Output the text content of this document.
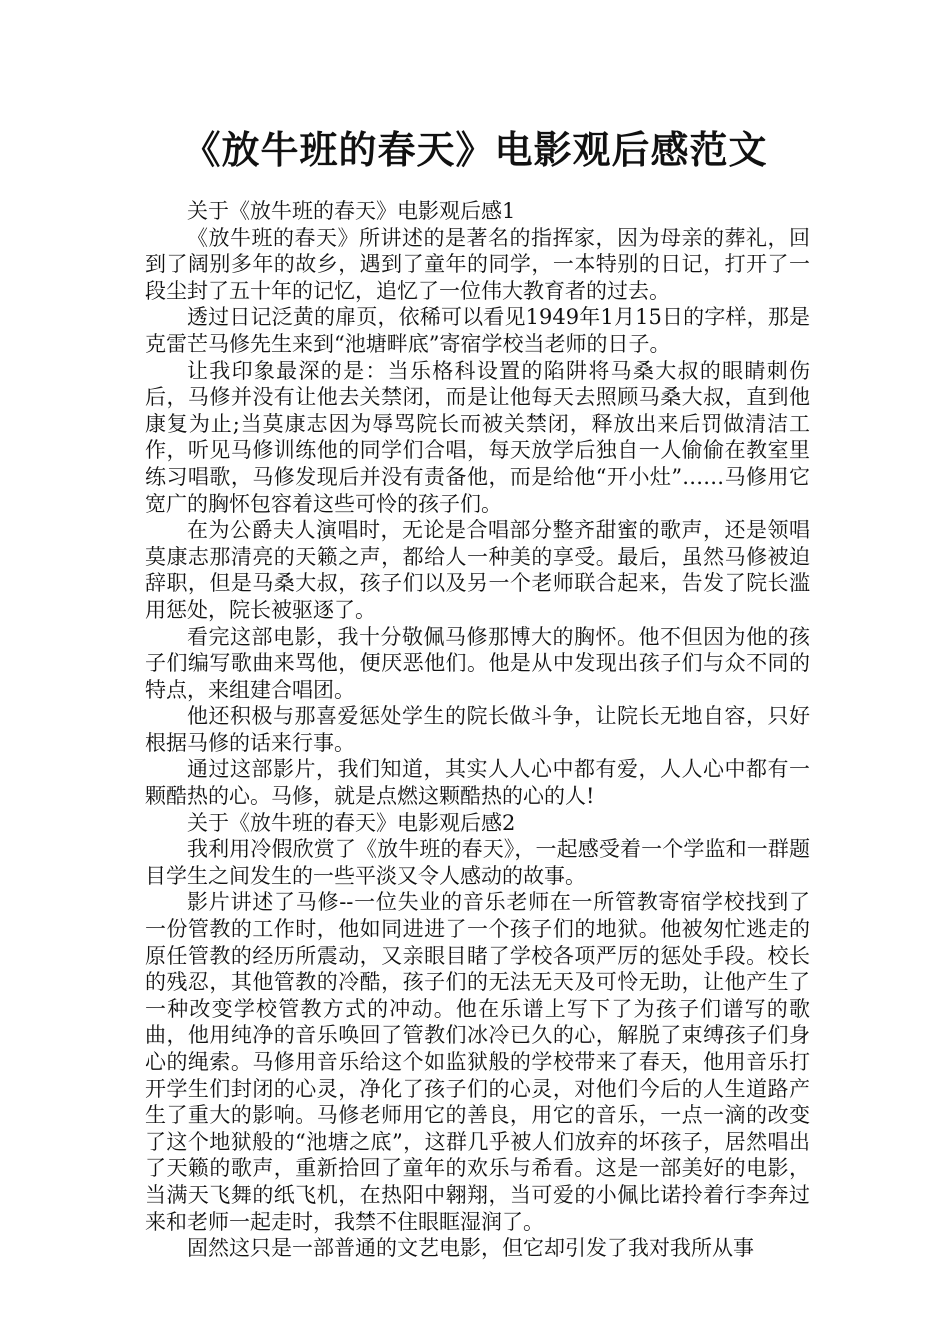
《放牛班的春天》电影观后感范文

关于《放牛班的春天》电影观后感1

《放牛班的春天》所讲述的是著名的指挥家，因为母亲的葬礼，回到了阔别多年的故乡，遇到了童年的同学，一本特别的日记，打开了一段尘封了五十年的记忆，追忆了一位伟大教育者的过去。

透过日记泛黄的扉页，依稀可以看见1949年1月15日的字样，那是克雷芒马修先生来到“池塘畔底”寄宿学校当老师的日子。

让我印象最深的是：当乐格科设置的陷阱将马桑大叔的眼睛刺伤后，马修并没有让他去关禁闭，而是让他每天去照顾马桑大叔，直到他康复为止;当莫康志因为辱骂院长而被关禁闭，释放出来后罚做清洁工作，听见马修训练他的同学们合唱，每天放学后独自一人偷偷在教室里练习唱歌，马修发现后并没有责备他，而是给他“开小灶”……马修用它宽广的胸怀包容着这些可怜的孩子们。

在为公爵夫人演唱时，无论是合唱部分整齐甜蜜的歌声，还是领唱莫康志那清亮的天籁之声，都给人一种美的享受。最后，虽然马修被迫辞职，但是马桑大叔，孩子们以及另一个老师联合起来，告发了院长滥用惩处，院长被驱逐了。

看完这部电影，我十分敬佩马修那博大的胸怀。他不但因为他的孩子们编写歌曲来骂他，便厌恶他们。他是从中发现出孩子们与众不同的特点，来组建合唱团。

他还积极与那喜爱惩处学生的院长做斗争，让院长无地自容，只好根据马修的话来行事。

通过这部影片，我们知道，其实人人心中都有爱，人人心中都有一颗酷热的心。马修，就是点燃这颗酷热的心的人!

关于《放牛班的春天》电影观后感2

我利用冷假欣赏了《放牛班的春天》，一起感受着一个学监和一群题目学生之间发生的一些平淡又令人感动的故事。

影片讲述了马修--一位失业的音乐老师在一所管教寄宿学校找到了一份管教的工作时，他如同进进了一个孩子们的地狱。他被匆忙逃走的原任管教的经历所震动，又亲眼目睹了学校各项严厉的惩处手段。校长的残忍，其他管教的冷酷，孩子们的无法无天及可怜无助，让他产生了一种改变学校管教方式的冲动。他在乐谱上写下了为孩子们谱写的歌曲，他用纯净的音乐唤回了管教们冰冷已久的心，解脱了束缚孩子们身心的绳索。马修用音乐给这个如监狱般的学校带来了春天，他用音乐打开学生们封闭的心灵，净化了孩子们的心灵，对他们今后的人生道路产生了重大的影响。马修老师用它的善良，用它的音乐，一点一滴的改变了这个地狱般的“池塘之底”，这群几乎被人们放弃的坏孩子，居然唱出了天籁的歌声，重新拾回了童年的欢乐与希看。这是一部美好的电影，当满天飞舞的纸飞机，在热阳中翱翔，当可爱的小佩比诺拎着行李奔过来和老师一起走时，我禁不住眼眶湿润了。

固然这只是一部普通的文艺电影，但它却引发了我对我所从事
